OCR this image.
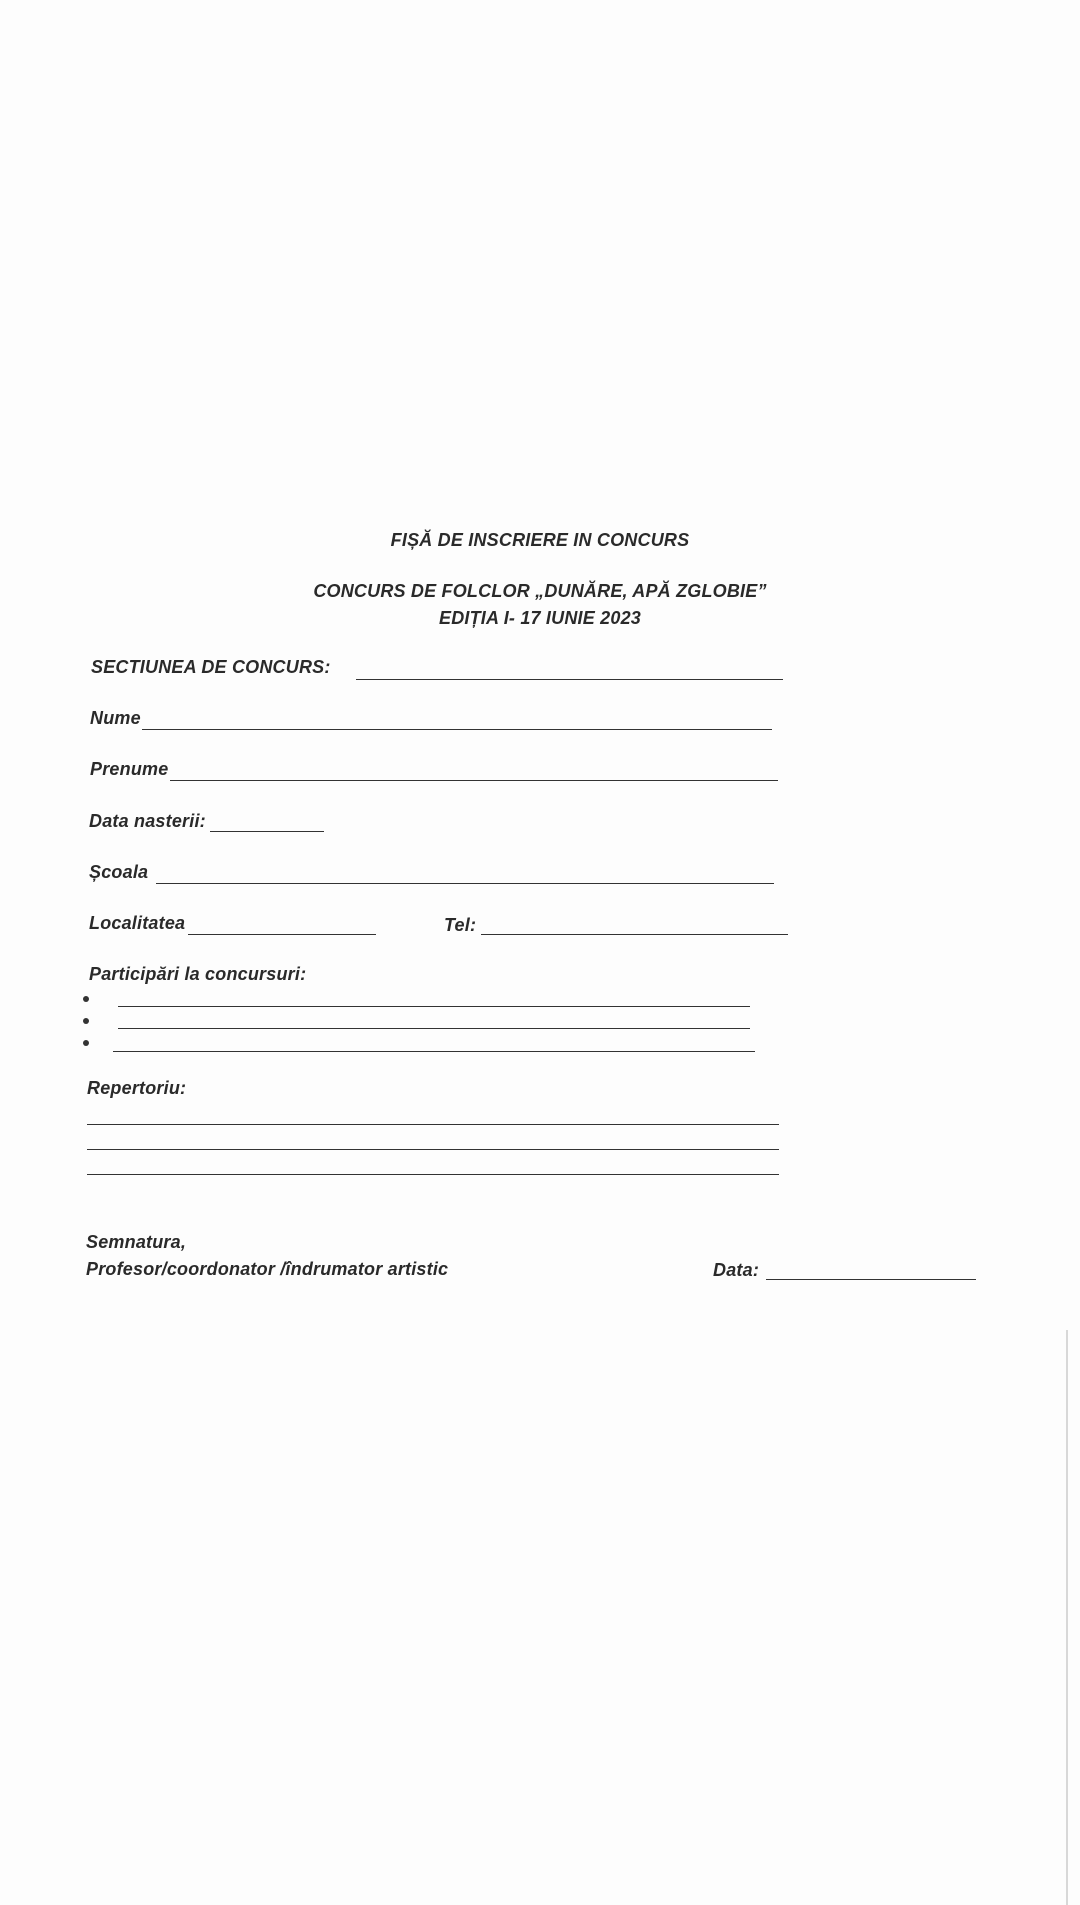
FIȘĂ DE INSCRIERE IN CONCURS
CONCURS DE FOLCLOR „DUNĂRE, APĂ ZGLOBIE”
EDIȚIA I- 17 IUNIE 2023
SECTIUNEA DE CONCURS:
Nume
Prenume
Data nasterii:
Școala
Localitatea	Tel:
Participări la concursuri:
Repertoriu:
Semnatura,
Profesor/coordonator /îndrumator artistic	Data:
